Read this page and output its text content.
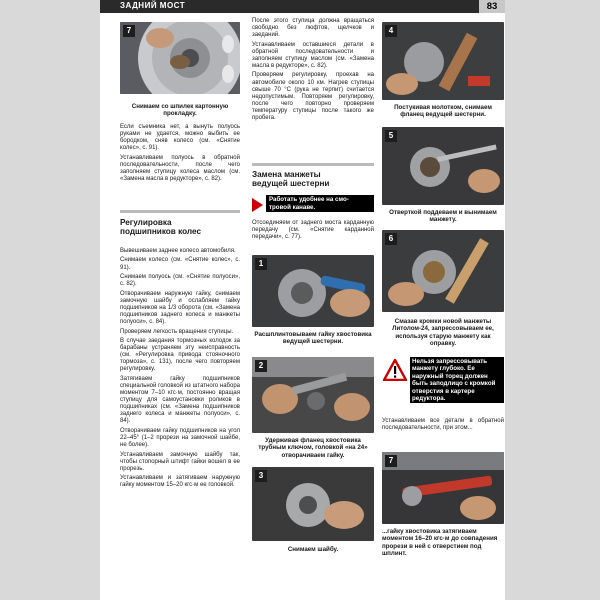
ЗАДНИЙ МОСТ	83
7
Снимаем со шпилек картонную прокладку.

Если съемника нет, а вынуть полуось руками не удается, можно выбить ее бородком, сняв колесо (см. «Снятие колес», с. 91).

Устанавливаем полуось в обратной последовательности, после чего заполняем ступицу колеса маслом (см. «Замена масла в редукторе», с. 82).

Регулировка
подшипников колес

Вывешиваем заднее колесо автомобиля.

Снимаем колесо (см. «Снятие колес», с. 91).

Снимаем полуось (см. «Снятие полуоси», с. 82).

Отворачиваем наружную гайку, снимаем замочную шайбу и ослабляем гайку подшипников на 1/3 оборота (см. «Замена подшипников заднего колеса и манжеты полуоси», с. 84).

Проверяем легкость вращения ступицы.

В случае заедания тормозных колодок за барабаны устраняем эту неисправность (см. «Регулировка привода стояночного тормоза», с. 131), после чего повторяем регулировку.

Затягиваем гайку подшипников специальной головкой из штатного набора моментом 7–10 кгс·м, постоянно вращая ступицу для самоустановки роликов в подшипниках (см. «Замена подшипников заднего колеса и манжеты полуоси», с. 84).

Отворачиваем гайку подшипников на угол 22–45° (1–2 прорези на замочной шайбе, не более).

Устанавливаем замочную шайбу так, чтобы стопорный штифт гайки вошел в ее прорезь.

Устанавливаем и затягиваем наружную гайку моментом 15–20 кгс·м ее головкой.

После этого ступица должна вращаться свободно без люфтов, щелчков и заеданий.

Устанавливаем оставшиеся детали в обратной последовательности и заполняем ступицу маслом (см. «Замена масла в редукторе», с. 82).

Проверяем регулировку, проехав на автомобиле около 10 км. Нагрев ступицы свыше 70 °С (рука не терпит) считается недопустимым. Повторяем регулировку, после чего повторно проверяем температуру ступицы после такого же пробега.

Замена манжеты
ведущей шестерни
Работать удобнее на смо-
тровой канаве.

Отсоединяем от заднего моста карданную передачу (см. «Снятие карданной передачи», с. 77).

1
Расшплинтовываем гайку хвостовика ведущей шестерни.
2
Удерживая фланец хвостовика трубным ключом, головкой «на 24» отворачиваем гайку.
3
Снимаем шайбу.
4
Постукивая молотком, снимаем фланец ведущей шестерни.
5
Отверткой поддеваем и вынимаем манжету.
6
Смазав кромки новой манжеты Литолом-24, запрессовываем ее, используя старую манжету как оправку.
Нельзя запрессовывать манжету глубоко. Ее наружный торец должен быть заподлицо с кромкой отверстия в картере редуктора.

Устанавливаем все детали в обратной последовательности, при этом...

7
...гайку хвостовика затягиваем моментом 16–20 кгс·м до совпадения прорези в ней с отверстием под шплинт.
